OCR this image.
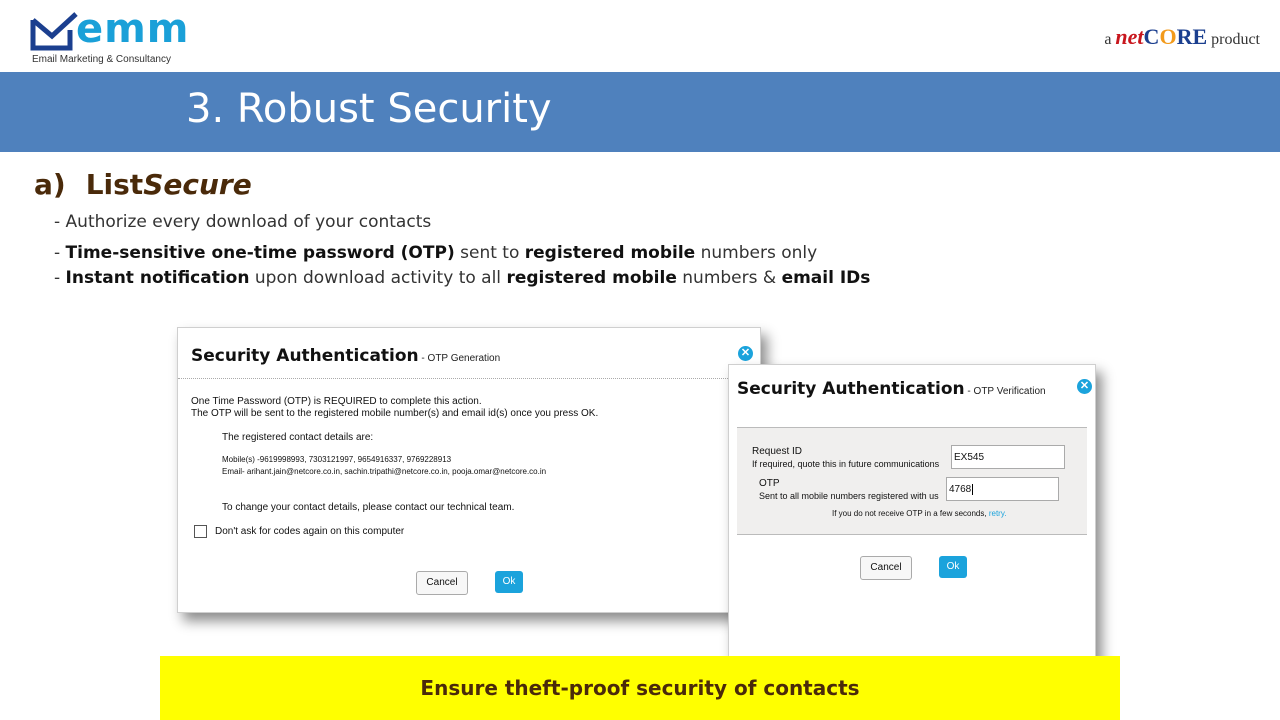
emm
Email Marketing & Consultancy
a netCORE product
3. Robust Security
a) ListSecure
- Authorize every download of your contacts
- Time-sensitive one-time password (OTP) sent to registered mobile numbers only
- Instant notification upon download activity to all registered mobile numbers & email IDs
Security Authentication - OTP Generation	✕
One Time Password (OTP) is REQUIRED to complete this action.
The OTP will be sent to the registered mobile number(s) and email id(s) once you press OK.
The registered contact details are:
Mobile(s) -9619998993, 7303121997, 9654916337, 9769228913
Email- arihant.jain@netcore.co.in, sachin.tripathi@netcore.co.in, pooja.omar@netcore.co.in
To change your contact details, please contact our technical team.
Don't ask for codes again on this computer
Cancel	Ok
Security Authentication - OTP Verification	✕
Request ID
If required, quote this in future communications
EX545
OTP
Sent to all mobile numbers registered with us
4768
If you do not receive OTP in a few seconds, retry.
Cancel	Ok
Ensure theft-proof security of contacts
